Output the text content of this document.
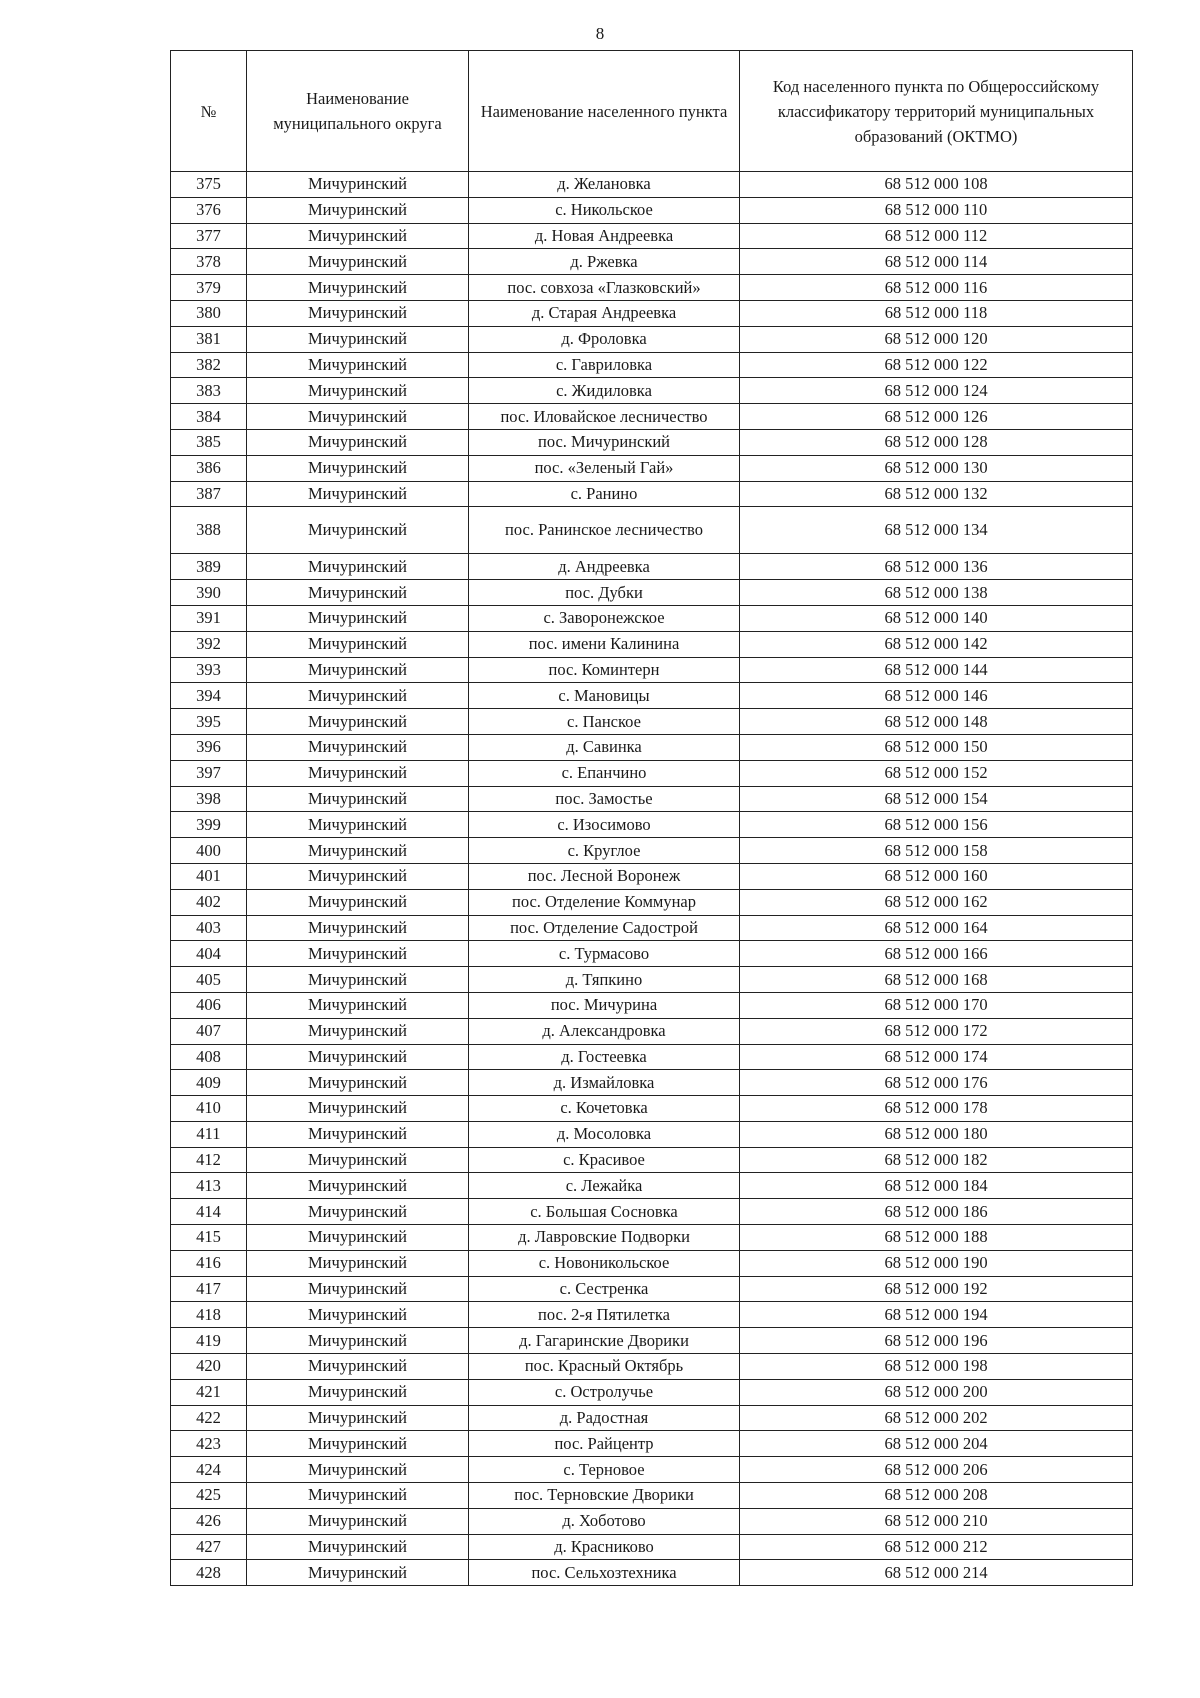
8
№	Наименование муниципального округа	Наименование населенного пункта	Код населенного пункта по Общероссийскому классификатору территорий муниципальных образований (ОКТМО)
375	Мичуринский	д. Желановка	68 512 000 108
376	Мичуринский	с. Никольское	68 512 000 110
377	Мичуринский	д. Новая Андреевка	68 512 000 112
378	Мичуринский	д. Ржевка	68 512 000 114
379	Мичуринский	пос. совхоза «Глазковский»	68 512 000 116
380	Мичуринский	д. Старая Андреевка	68 512 000 118
381	Мичуринский	д. Фроловка	68 512 000 120
382	Мичуринский	с. Гавриловка	68 512 000 122
383	Мичуринский	с. Жидиловка	68 512 000 124
384	Мичуринский	пос. Иловайское лесничество	68 512 000 126
385	Мичуринский	пос. Мичуринский	68 512 000 128
386	Мичуринский	пос. «Зеленый Гай»	68 512 000 130
387	Мичуринский	с. Ранино	68 512 000 132
388	Мичуринский	пос. Ранинское лесничество	68 512 000 134
389	Мичуринский	д. Андреевка	68 512 000 136
390	Мичуринский	пос. Дубки	68 512 000 138
391	Мичуринский	с. Заворонежское	68 512 000 140
392	Мичуринский	пос. имени Калинина	68 512 000 142
393	Мичуринский	пос. Коминтерн	68 512 000 144
394	Мичуринский	с. Мановицы	68 512 000 146
395	Мичуринский	с. Панское	68 512 000 148
396	Мичуринский	д. Савинка	68 512 000 150
397	Мичуринский	с. Епанчино	68 512 000 152
398	Мичуринский	пос. Замостье	68 512 000 154
399	Мичуринский	с. Изосимово	68 512 000 156
400	Мичуринский	с. Круглое	68 512 000 158
401	Мичуринский	пос. Лесной Воронеж	68 512 000 160
402	Мичуринский	пос. Отделение Коммунар	68 512 000 162
403	Мичуринский	пос. Отделение Садострой	68 512 000 164
404	Мичуринский	с. Турмасово	68 512 000 166
405	Мичуринский	д. Тяпкино	68 512 000 168
406	Мичуринский	пос. Мичурина	68 512 000 170
407	Мичуринский	д. Александровка	68 512 000 172
408	Мичуринский	д. Гостеевка	68 512 000 174
409	Мичуринский	д. Измайловка	68 512 000 176
410	Мичуринский	с. Кочетовка	68 512 000 178
411	Мичуринский	д. Мосоловка	68 512 000 180
412	Мичуринский	с. Красивое	68 512 000 182
413	Мичуринский	с. Лежайка	68 512 000 184
414	Мичуринский	с. Большая Сосновка	68 512 000 186
415	Мичуринский	д. Лавровские Подворки	68 512 000 188
416	Мичуринский	с. Новоникольское	68 512 000 190
417	Мичуринский	с. Сестренка	68 512 000 192
418	Мичуринский	пос. 2-я Пятилетка	68 512 000 194
419	Мичуринский	д. Гагаринские Дворики	68 512 000 196
420	Мичуринский	пос. Красный Октябрь	68 512 000 198
421	Мичуринский	с. Остролучье	68 512 000 200
422	Мичуринский	д. Радостная	68 512 000 202
423	Мичуринский	пос. Райцентр	68 512 000 204
424	Мичуринский	с. Терновое	68 512 000 206
425	Мичуринский	пос. Терновские Дворики	68 512 000 208
426	Мичуринский	д. Хоботово	68 512 000 210
427	Мичуринский	д. Красниково	68 512 000 212
428	Мичуринский	пос. Сельхозтехника	68 512 000 214
